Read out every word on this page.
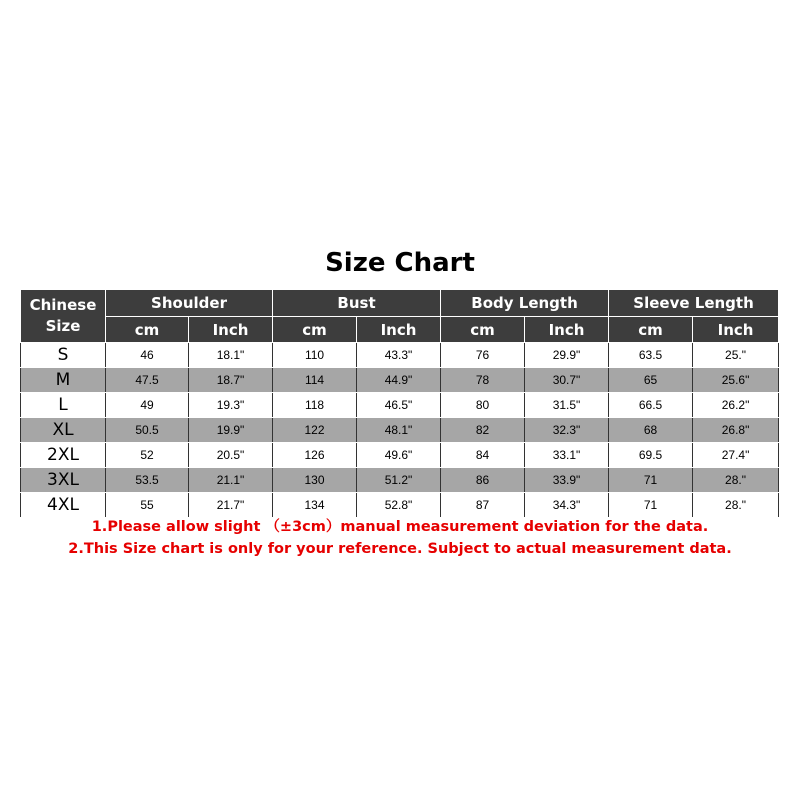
Size Chart
Chinese
Size	Shoulder		Bust		Body Length		Sleeve Length	
	cm	Inch	cm	Inch	cm	Inch	cm	Inch
S	46	18.1"	110	43.3"	76	29.9"	63.5	25."
M	47.5	18.7"	114	44.9"	78	30.7"	65	25.6"
L	49	19.3"	118	46.5"	80	31.5"	66.5	26.2"
XL	50.5	19.9"	122	48.1"	82	32.3"	68	26.8"
2XL	52	20.5"	126	49.6"	84	33.1"	69.5	27.4"
3XL	53.5	21.1"	130	51.2"	86	33.9"	71	28."
4XL	55	21.7"	134	52.8"	87	34.3"	71	28."
1.Please allow slight （±3cm）manual measurement deviation for the data.
2.This Size chart is only for your reference. Subject to actual measurement data.
